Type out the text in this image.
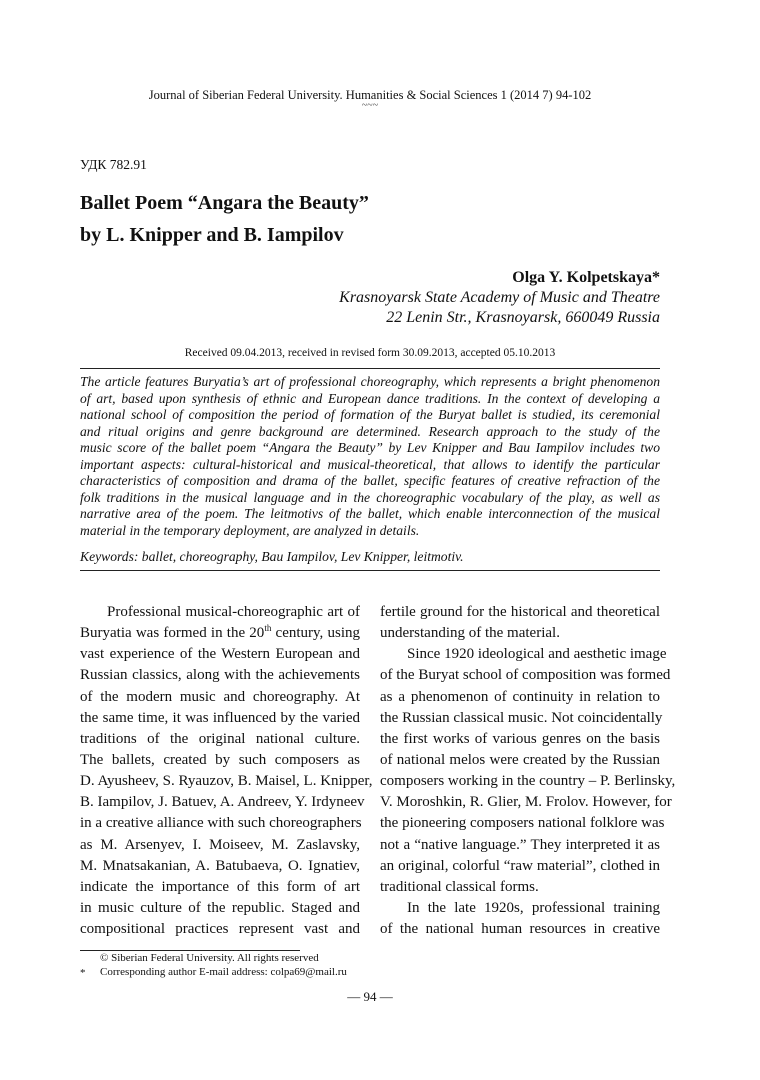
Journal of Siberian Federal University. Humanities & Social Sciences 1 (2014 7) 94-102
~~~
УДК 782.91
Ballet Poem “Angara the Beauty”
by L. Knipper and B. Iampilov
Olga Y. Kolpetskaya*
Krasnoyarsk State Academy of Music and Theatre
22 Lenin Str., Krasnoyarsk, 660049 Russia
Received 09.04.2013, received in revised form 30.09.2013, accepted 05.10.2013
The article features Buryatia’s art of professional choreography, which represents a bright phenomenon
of art, based upon synthesis of ethnic and European dance traditions. In the context of developing a
national school of composition the period of formation of the Buryat ballet is studied, its ceremonial
and ritual origins and genre background are determined. Research approach to the study of the
music score of the ballet poem “Angara the Beauty” by Lev Knipper and Bau Iampilov includes two
important aspects: cultural-historical and musical-theoretical, that allows to identify the particular
characteristics of composition and drama of the ballet, specific features of creative refraction of the
folk traditions in the musical language and in the choreographic vocabulary of the play, as well as
narrative area of the poem. The leitmotivs of the ballet, which enable interconnection of the musical
material in the temporary deployment, are analyzed in details.
Keywords: ballet, choreography, Bau Iampilov, Lev Knipper, leitmotiv.
Professional musical-choreographic art of
Buryatia was formed in the 20th century, using
vast experience of the Western European and
Russian classics, along with the achievements
of the modern music and choreography. At
the same time, it was influenced by the varied
traditions of the original national culture.
The ballets, created by such composers as
D. Ayusheev, S. Ryauzov, B. Maisel, L. Knipper,
B. Iampilov, J. Batuev, A. Andreev, Y. Irdyneev
in a creative alliance with such choreographers
as M. Arsenyev, I. Moiseev, M. Zaslavsky,
M. Mnatsakanian, A. Batubaeva, O. Ignatiev,
indicate the importance of this form of art
in music culture of the republic. Staged and
compositional practices represent vast and
fertile ground for the historical and theoretical
understanding of the material.
Since 1920 ideological and aesthetic image
of the Buryat school of composition was formed
as a phenomenon of continuity in relation to
the Russian classical music. Not coincidentally
the first works of various genres on the basis
of national melos were created by the Russian
composers working in the country – P. Berlinsky,
V. Moroshkin, R. Glier, M. Frolov. However, for
the pioneering composers national folklore was
not a “native language.” They interpreted it as
an original, colorful “raw material”, clothed in
traditional classical forms.
In the late 1920s, professional training
of the national human resources in creative
© Siberian Federal University. All rights reserved
* Corresponding author E-mail address: colpa69@mail.ru
— 94 —
